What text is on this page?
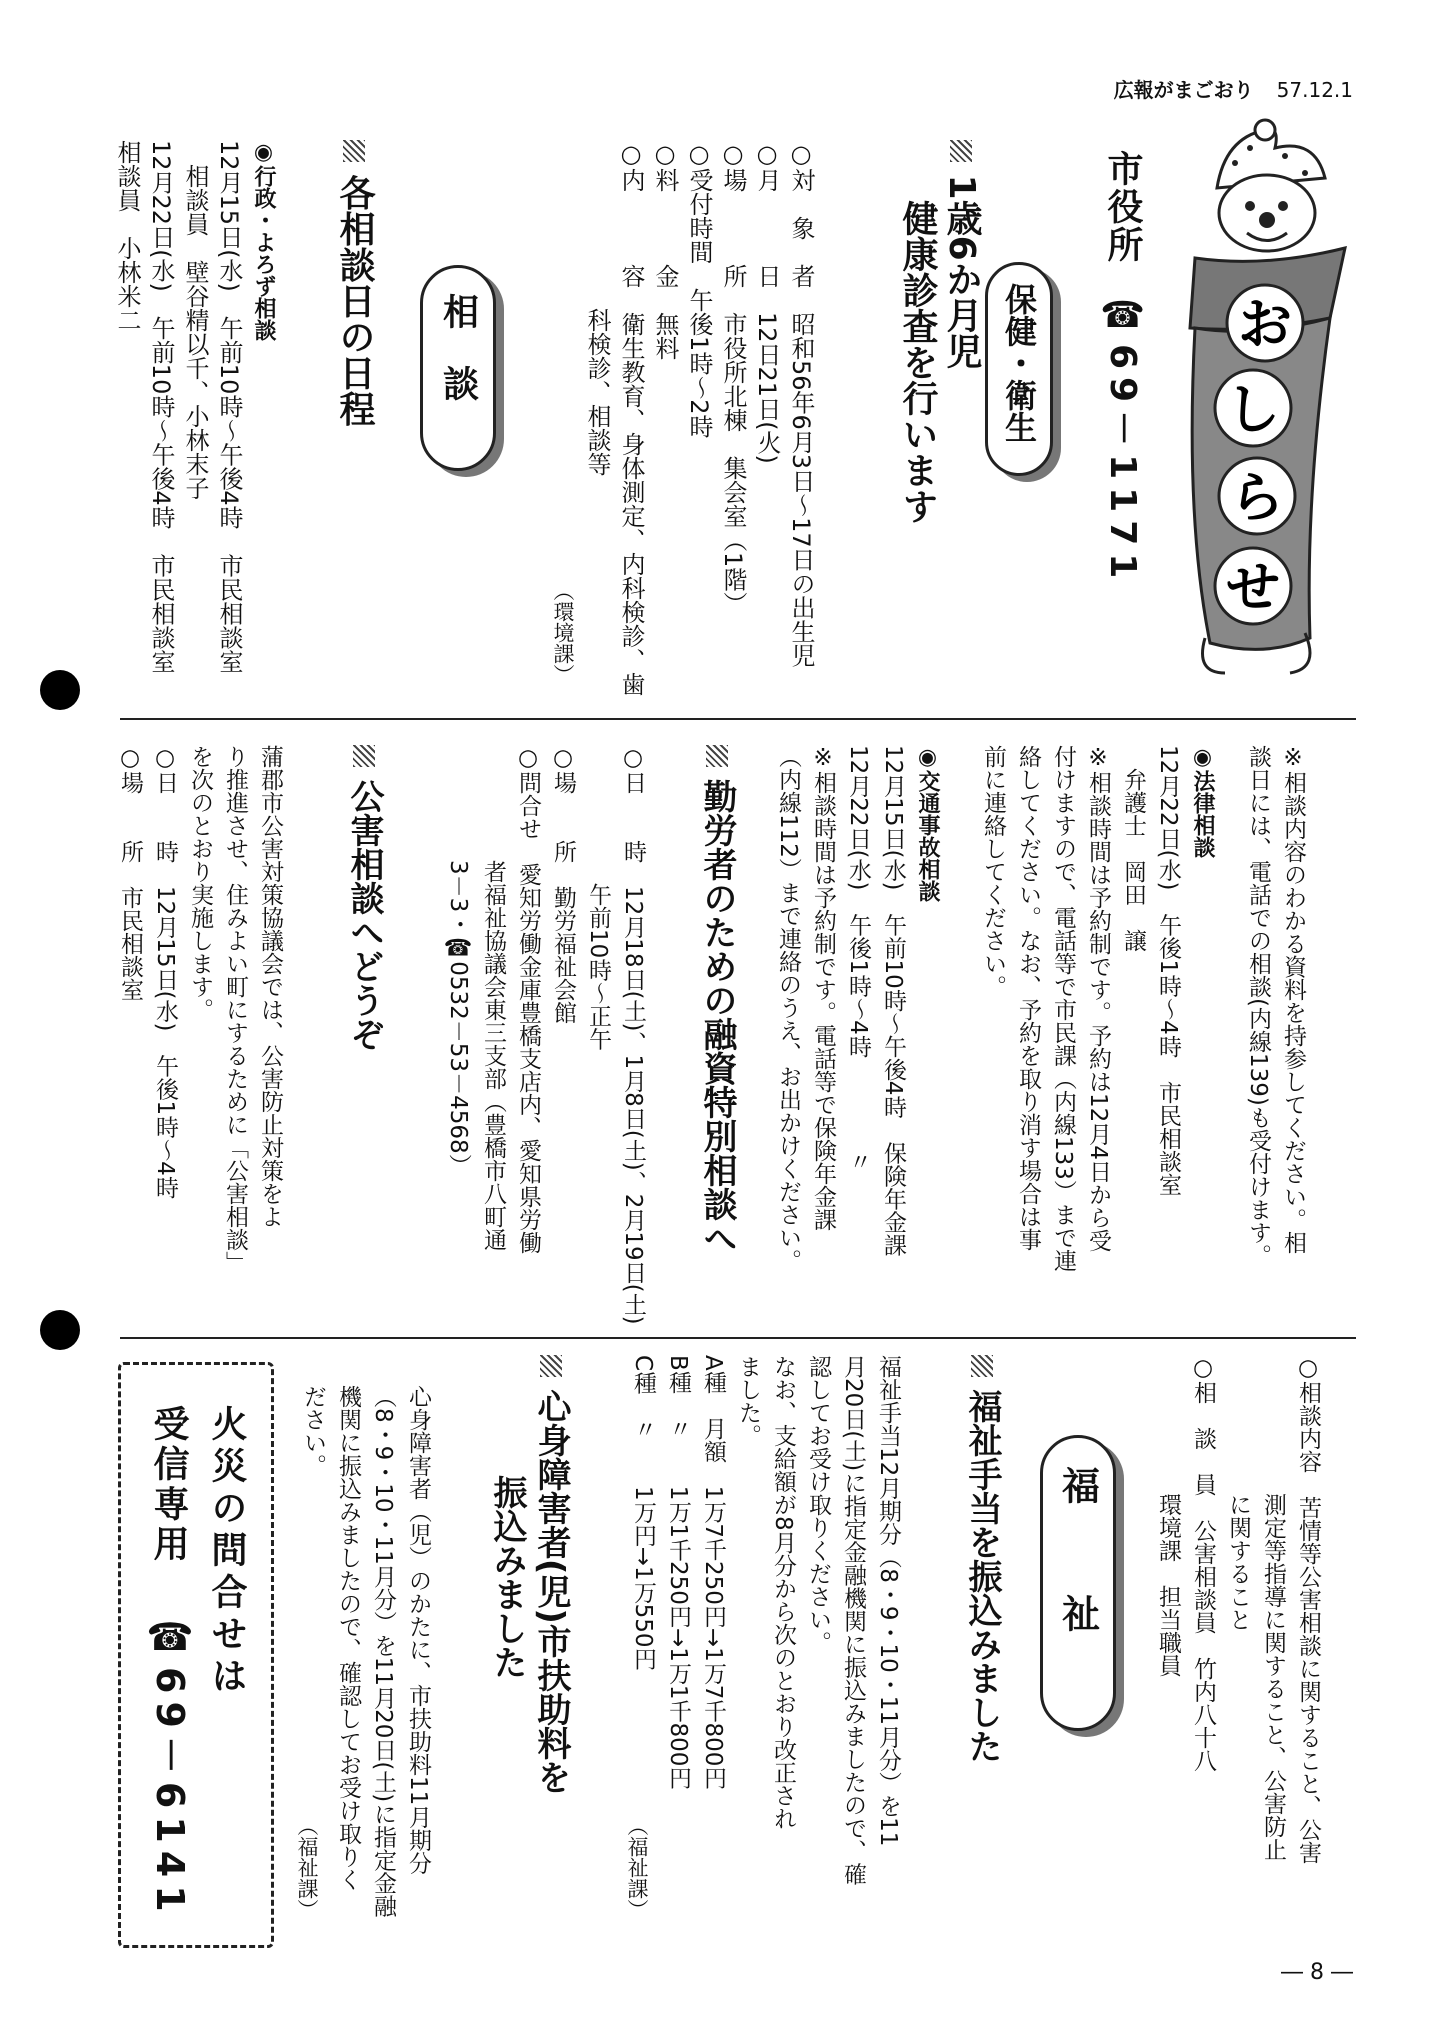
広報がまごおり 57.12.1
市役所
☎69－1171 お
し
ら
せ
保健・衛生
1歳6か月児
健康診査を行います
○対　象　者　昭和56年6月3日～17日の出生児
○月　　　日　12日21日(火)
○場　　　所　市役所北棟　集会室（1階）
○受付時間　午後1時～2時
○料　　　金　無料
○内　　　容　衛生教育、身体測定、内科検診、歯
　　　　　　　科検診、相談等
（環境課）
相談
各相談日の日程
◉行政・よろず相談
12月15日(水)　午前10時～午後4時　市民相談室
　相談員　壁谷精以千、小林末子
12月22日(水)　午前10時～午後4時　市民相談室
相談員　小林米二
※相談内容のわかる資料を持参してください。相
談日には、電話での相談(内線139)も受付けます。
◉法律相談
12月22日(水)　午後1時～4時　市民相談室
　弁護士　岡田　譲
※相談時間は予約制です。予約は12月4日から受
付けますので、電話等で市民課（内線133）まで連
絡してください。なお、予約を取り消す場合は事
前に連絡してください。
◉交通事故相談
12月15日(水)　午前10時～午後4時　保険年金課
12月22日(水)　午後1時～4時　　　　〃
※相談時間は予約制です。電話等で保険年金課
（内線112）まで連絡のうえ、お出かけください。
勤労者のための融資特別相談へ
○日　　時　12月18日(土)、1月8日(土)、2月19日(土)
　　　　　　午前10時～正午
○場　　所　勤労福祉会館
○問合せ　愛知労働金庫豊橋支店内、愛知県労働
　　　　　者福祉協議会東三支部（豊橋市八町通
　　　　　3－3・☎0532－53－4568）
公害相談へどうぞ
蒲郡市公害対策協議会では、公害防止対策をよ
り推進させ、住みよい町にするために「公害相談」
を次のとおり実施します。
○日　　時　12月15日(水)　午後1時～4時
○場　　所　市民相談室
○相談内容　苦情等公害相談に関すること、公害
　　　　　　測定等指導に関すること、公害防止
　　　　　　に関すること
○相　談　員　公害相談員　竹内八十八
　　　　　　環境課　担当職員
福祉
福祉手当を振込みました
福祉手当12月期分（8・9・10・11月分）を11
月20日(土)に指定金融機関に振込みましたので、確
認してお受け取りください。
なお、支給額が8月分から次のとおり改正され
ました。
A種　月額　1万7千250円→1万7千800円
B種　〃　　1万1千250円→1万1千800円
C種　〃　　1万円→1万550円
（福祉課）
心身障害者(児)市扶助料を
振込みました
心身障害者（児）のかたに、市扶助料11月期分
（8・9・10・11月分）を11月20日(土)に指定金融
機関に振込みましたので、確認してお受け取りく
ださい。
（福祉課）
火災の問合せは
受信専用
☎69－6141
― 8 ―
